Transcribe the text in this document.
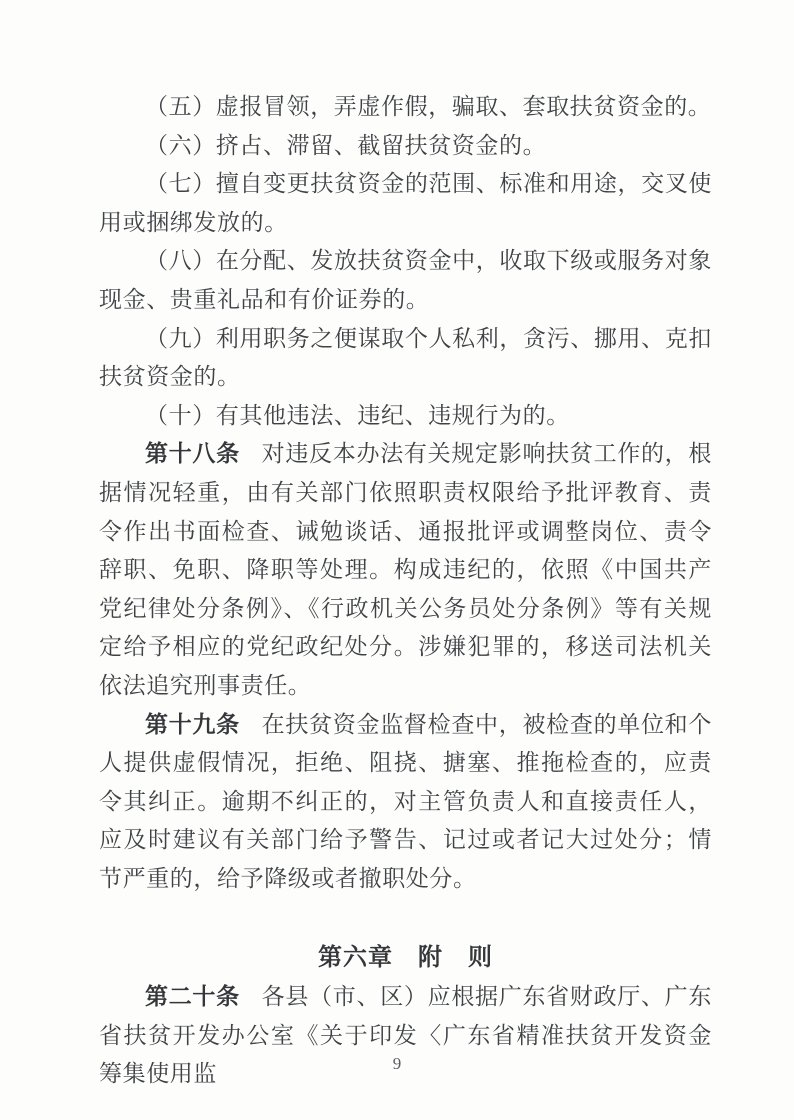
（五）虚报冒领，弄虚作假，骗取、套取扶贫资金的。

（六）挤占、滞留、截留扶贫资金的。

（七）擅自变更扶贫资金的范围、标准和用途，交叉使用或捆绑发放的。

（八）在分配、发放扶贫资金中，收取下级或服务对象现金、贵重礼品和有价证券的。

（九）利用职务之便谋取个人私利，贪污、挪用、克扣扶贫资金的。

（十）有其他违法、违纪、违规行为的。

第十八条 对违反本办法有关规定影响扶贫工作的，根据情况轻重，由有关部门依照职责权限给予批评教育、责令作出书面检查、诫勉谈话、通报批评或调整岗位、责令辞职、免职、降职等处理。构成违纪的，依照《中国共产党纪律处分条例》、《行政机关公务员处分条例》等有关规定给予相应的党纪政纪处分。涉嫌犯罪的，移送司法机关依法追究刑事责任。

第十九条 在扶贫资金监督检查中，被检查的单位和个人提供虚假情况，拒绝、阻挠、搪塞、推拖检查的，应责令其纠正。逾期不纠正的，对主管负责人和直接责任人，应及时建议有关部门给予警告、记过或者记大过处分；情节严重的，给予降级或者撤职处分。

第六章　附　则

第二十条 各县（市、区）应根据广东省财政厅、广东省扶贫开发办公室《关于印发〈广东省精准扶贫开发资金筹集使用监	9
